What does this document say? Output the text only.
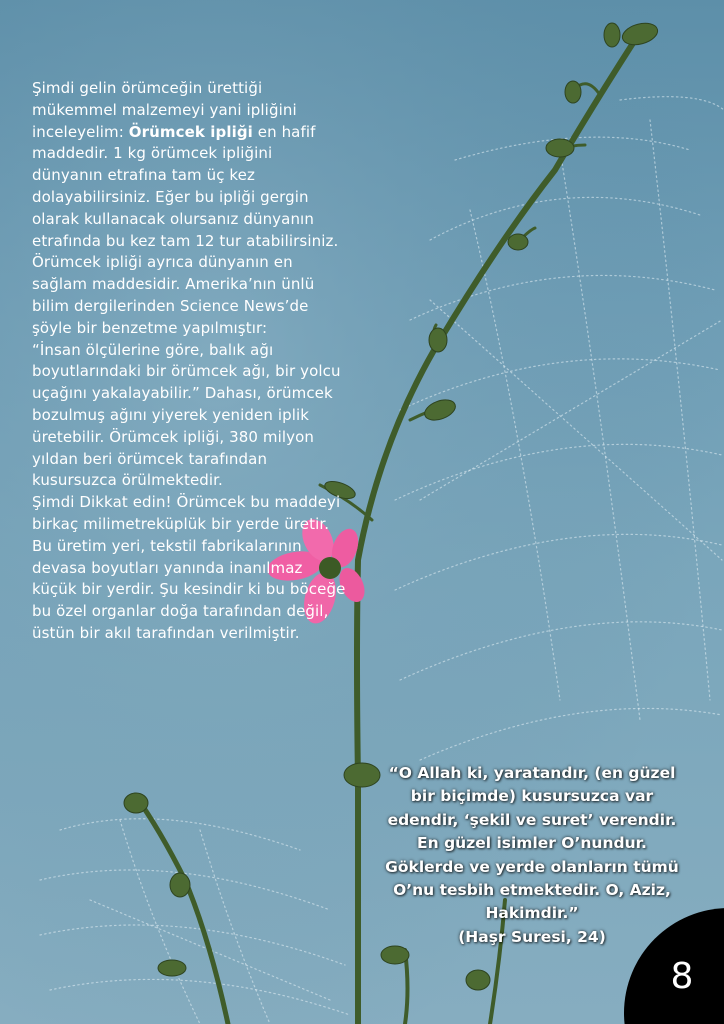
Şimdi gelin örümceğin ürettiği mükemmel malzemeyi yani ipliğini inceleyelim: Örümcek ipliği en hafif maddedir. 1 kg örümcek ipliğini dünyanın etrafına tam üç kez dolayabilirsiniz. Eğer bu ipliği gergin olarak kullanacak olursanız dünyanın etrafında bu kez tam 12 tur atabilirsiniz. Örümcek ipliği ayrıca dünyanın en sağlam maddesidir. Amerika’nın ünlü bilim dergilerinden Science News’de şöyle bir benzetme yapılmıştır:

“İnsan ölçülerine göre, balık ağı boyutlarındaki bir örümcek ağı, bir yolcu uçağını yakalayabilir.” Dahası, örümcek bozulmuş ağını yiyerek yeniden iplik üretebilir. Örümcek ipliği, 380 milyon yıldan beri örümcek tarafından kusursuzca örülmektedir.

Şimdi Dikkat edin! Örümcek bu maddeyi birkaç milimetreküplük bir yerde üretir. Bu üretim yeri, tekstil fabrikalarının devasa boyutları yanında inanılmaz küçük bir yerdir. Şu kesindir ki bu böceğe bu özel organlar doğa tarafından değil, üstün bir akıl tarafından verilmiştir.

“O Allah ki, yaratandır, (en güzel bir biçimde) kusursuzca var edendir, ‘şekil ve suret’ verendir. En güzel isimler O’nundur. Göklerde ve yerde olanların tümü O’nu tesbih etmektedir. O, Aziz, Hakimdir.”

(Haşr Suresi, 24)

8
